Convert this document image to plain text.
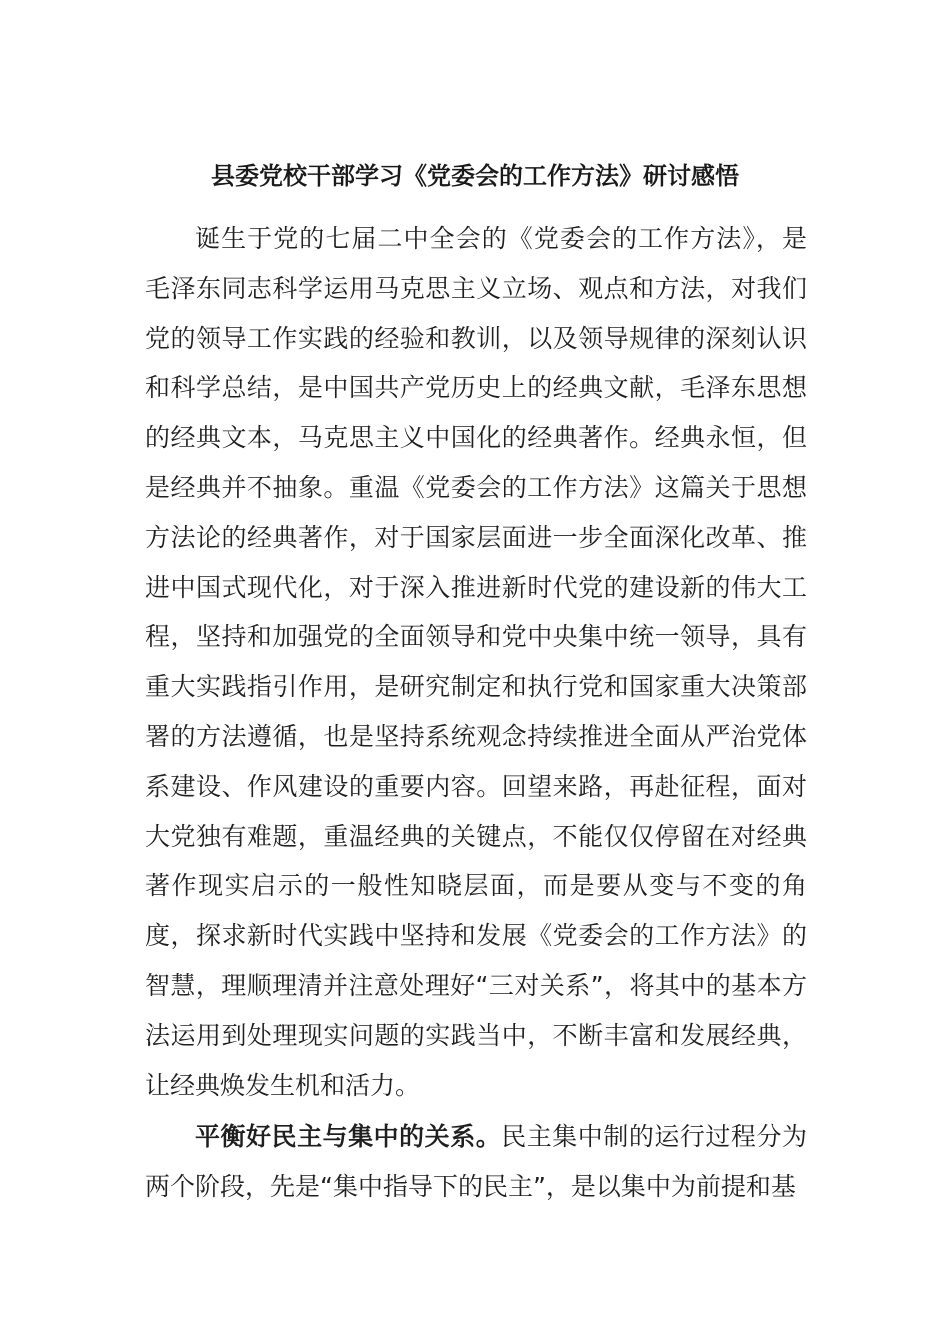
县委党校干部学习《党委会的工作方法》研讨感悟

诞生于党的七届二中全会的《党委会的工作方法》，是毛泽东同志科学运用马克思主义立场、观点和方法，对我们党的领导工作实践的经验和教训，以及领导规律的深刻认识和科学总结，是中国共产党历史上的经典文献，毛泽东思想的经典文本，马克思主义中国化的经典著作。经典永恒，但是经典并不抽象。重温《党委会的工作方法》这篇关于思想方法论的经典著作，对于国家层面进一步全面深化改革、推进中国式现代化，对于深入推进新时代党的建设新的伟大工程，坚持和加强党的全面领导和党中央集中统一领导，具有重大实践指引作用，是研究制定和执行党和国家重大决策部署的方法遵循，也是坚持系统观念持续推进全面从严治党体系建设、作风建设的重要内容。回望来路，再赴征程，面对大党独有难题，重温经典的关键点，不能仅仅停留在对经典著作现实启示的一般性知晓层面，而是要从变与不变的角度，探求新时代实践中坚持和发展《党委会的工作方法》的智慧，理顺理清并注意处理好“三对关系”，将其中的基本方法运用到处理现实问题的实践当中，不断丰富和发展经典，让经典焕发生机和活力。

平衡好民主与集中的关系。民主集中制的运行过程分为两个阶段，先是“集中指导下的民主”，是以集中为前提和基
